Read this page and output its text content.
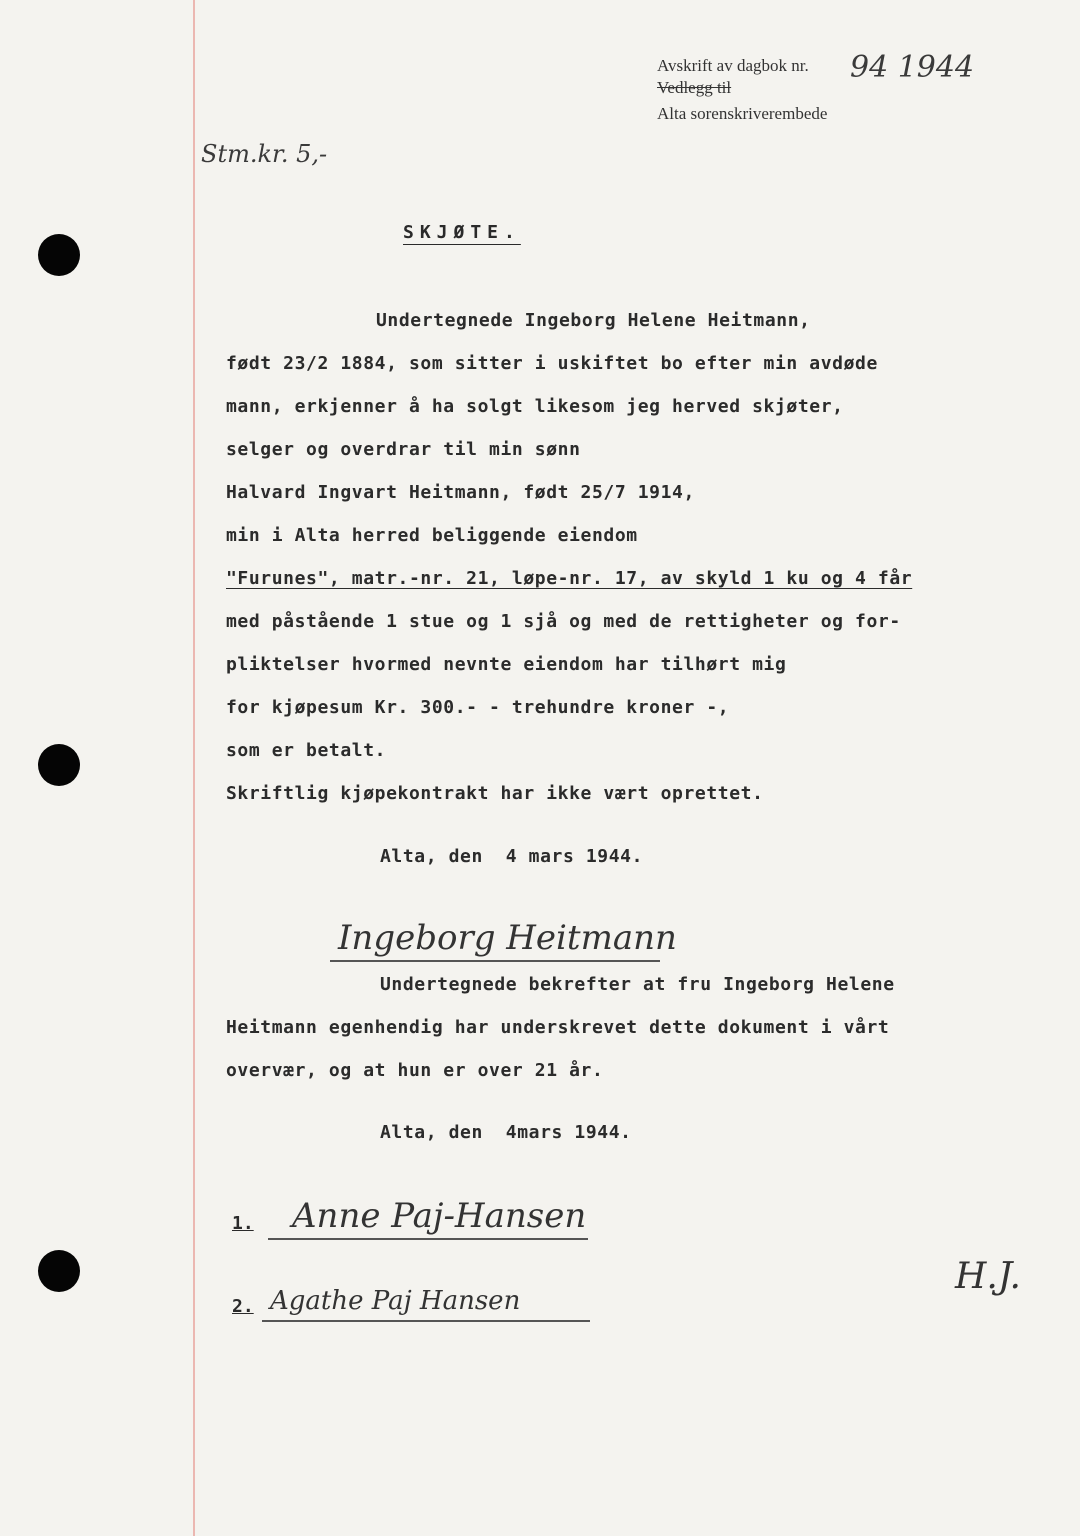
Avskrift av dagbok nr.
Vedlegg til
Alta sorenskriverembede
94 1944
Stm.kr. 5,-
SKJØTE.
Undertegnede Ingeborg Helene Heitmann,
født 23/2 1884, som sitter i uskiftet bo efter min avdøde
mann, erkjenner å ha solgt likesom jeg herved skjøter,
selger og overdrar til min sønn
Halvard Ingvart Heitmann, født 25/7 1914,
min i Alta herred beliggende eiendom
"Furunes", matr.-nr. 21, løpe-nr. 17, av skyld 1 ku og 4 får
med påstående 1 stue og 1 sjå og med de rettigheter og for-
pliktelser hvormed nevnte eiendom har tilhørt mig
for kjøpesum Kr. 300.- - trehundre kroner -,
som er betalt.
Skriftlig kjøpekontrakt har ikke vært oprettet.
Alta, den  4 mars 1944.
Ingeborg Heitmann
Undertegnede bekrefter at fru Ingeborg Helene
Heitmann egenhendig har underskrevet dette dokument i vårt
overvær, og at hun er over 21 år.
Alta, den  4mars 1944.
1. Anne Paj-Hansen
2. Agathe Paj Hansen
H.J.
